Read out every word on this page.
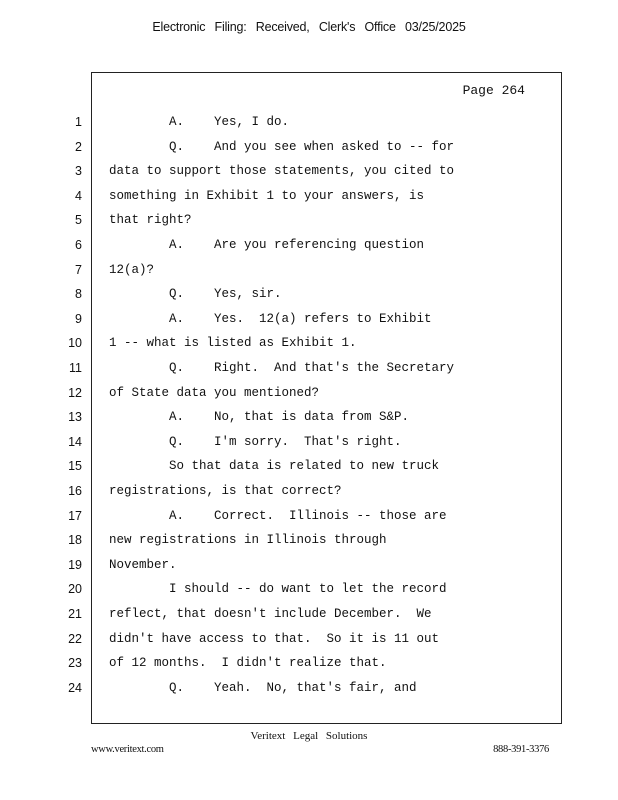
Electronic Filing: Received, Clerk's Office 03/25/2025
Page 264
1 A.    Yes, I do.
2 Q.    And you see when asked to -- for
3 data to support those statements, you cited to
4 something in Exhibit 1 to your answers, is
5 that right?
6 A.    Are you referencing question
7 12(a)?
8 Q.    Yes, sir.
9 A.    Yes.  12(a) refers to Exhibit
10 1 -- what is listed as Exhibit 1.
11 Q.    Right.  And that's the Secretary
12 of State data you mentioned?
13 A.    No, that is data from S&P.
14 Q.    I'm sorry.  That's right.
15 So that data is related to new truck
16 registrations, is that correct?
17 A.    Correct.  Illinois -- those are
18 new registrations in Illinois through
19 November.
20 I should -- do want to let the record
21 reflect, that doesn't include December.  We
22 didn't have access to that.  So it is 11 out
23 of 12 months.  I didn't realize that.
24 Q.    Yeah.  No, that's fair, and
Veritext Legal Solutions
www.veritext.com	888-391-3376
